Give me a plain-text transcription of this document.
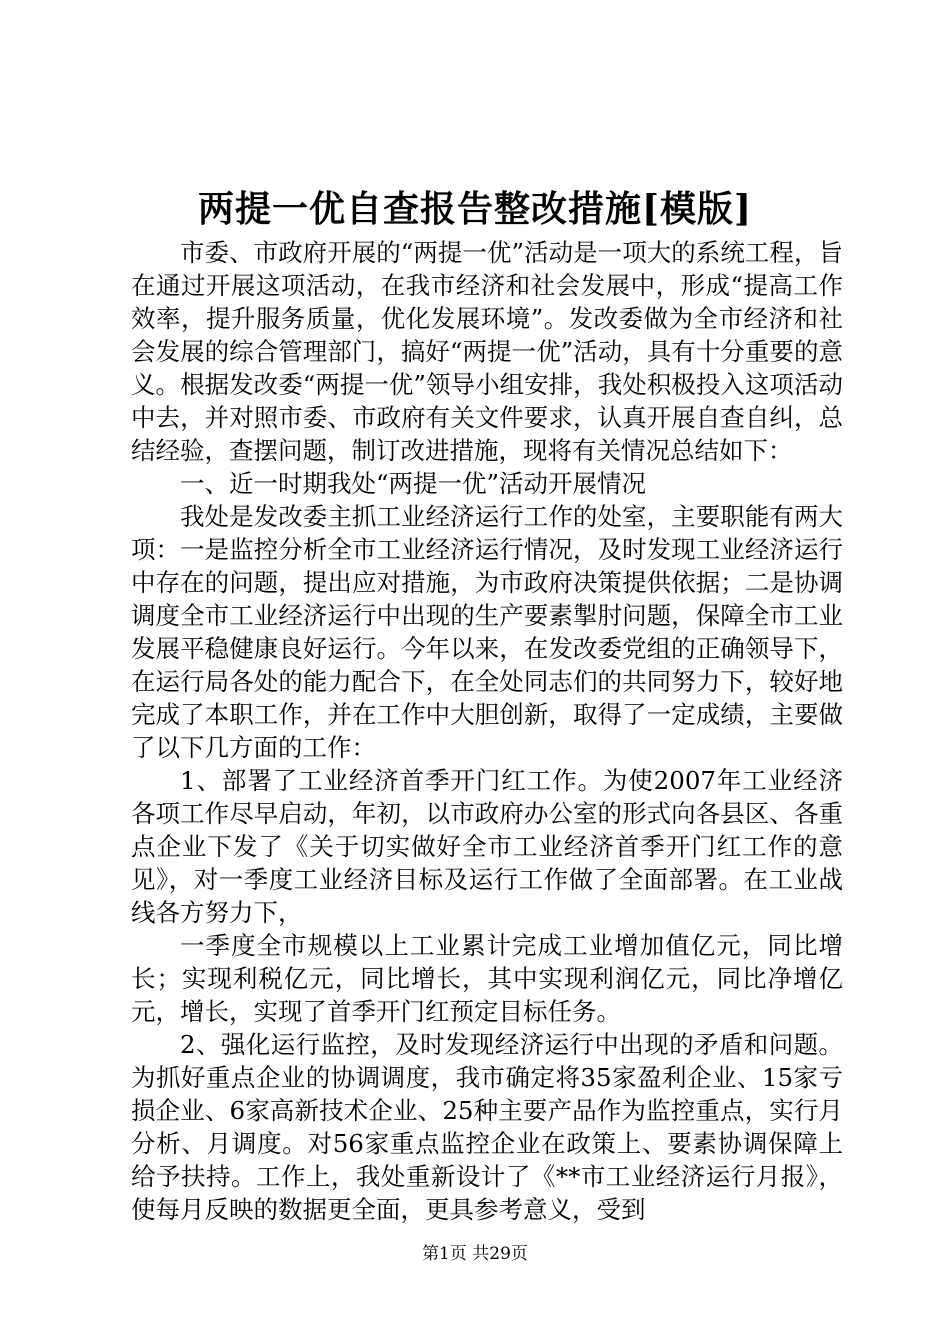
两提一优自查报告整改措施[模版]

市委、市政府开展的“两提一优”活动是一项大的系统工程，旨在通过开展这项活动，在我市经济和社会发展中，形成“提高工作效率，提升服务质量，优化发展环境”。发改委做为全市经济和社会发展的综合管理部门，搞好“两提一优”活动，具有十分重要的意义。根据发改委“两提一优”领导小组安排，我处积极投入这项活动中去，并对照市委、市政府有关文件要求，认真开展自查自纠，总结经验，查摆问题，制订改进措施，现将有关情况总结如下：

一、近一时期我处“两提一优”活动开展情况

我处是发改委主抓工业经济运行工作的处室，主要职能有两大项：一是监控分析全市工业经济运行情况，及时发现工业经济运行中存在的问题，提出应对措施，为市政府决策提供依据；二是协调调度全市工业经济运行中出现的生产要素掣肘问题，保障全市工业发展平稳健康良好运行。今年以来，在发改委党组的正确领导下，在运行局各处的能力配合下，在全处同志们的共同努力下，较好地完成了本职工作，并在工作中大胆创新，取得了一定成绩，主要做了以下几方面的工作：

1、部署了工业经济首季开门红工作。为使2007年工业经济各项工作尽早启动，年初，以市政府办公室的形式向各县区、各重点企业下发了《关于切实做好全市工业经济首季开门红工作的意见》，对一季度工业经济目标及运行工作做了全面部署。在工业战线各方努力下，

一季度全市规模以上工业累计完成工业增加值亿元，同比增长；实现利税亿元，同比增长，其中实现利润亿元，同比净增亿元，增长，实现了首季开门红预定目标任务。

2、强化运行监控，及时发现经济运行中出现的矛盾和问题。为抓好重点企业的协调调度，我市确定将35家盈利企业、15家亏损企业、6家高新技术企业、25种主要产品作为监控重点，实行月分析、月调度。对56家重点监控企业在政策上、要素协调保障上给予扶持。工作上，我处重新设计了《**市工业经济运行月报》，使每月反映的数据更全面，更具参考意义，受到

第1页 共29页
